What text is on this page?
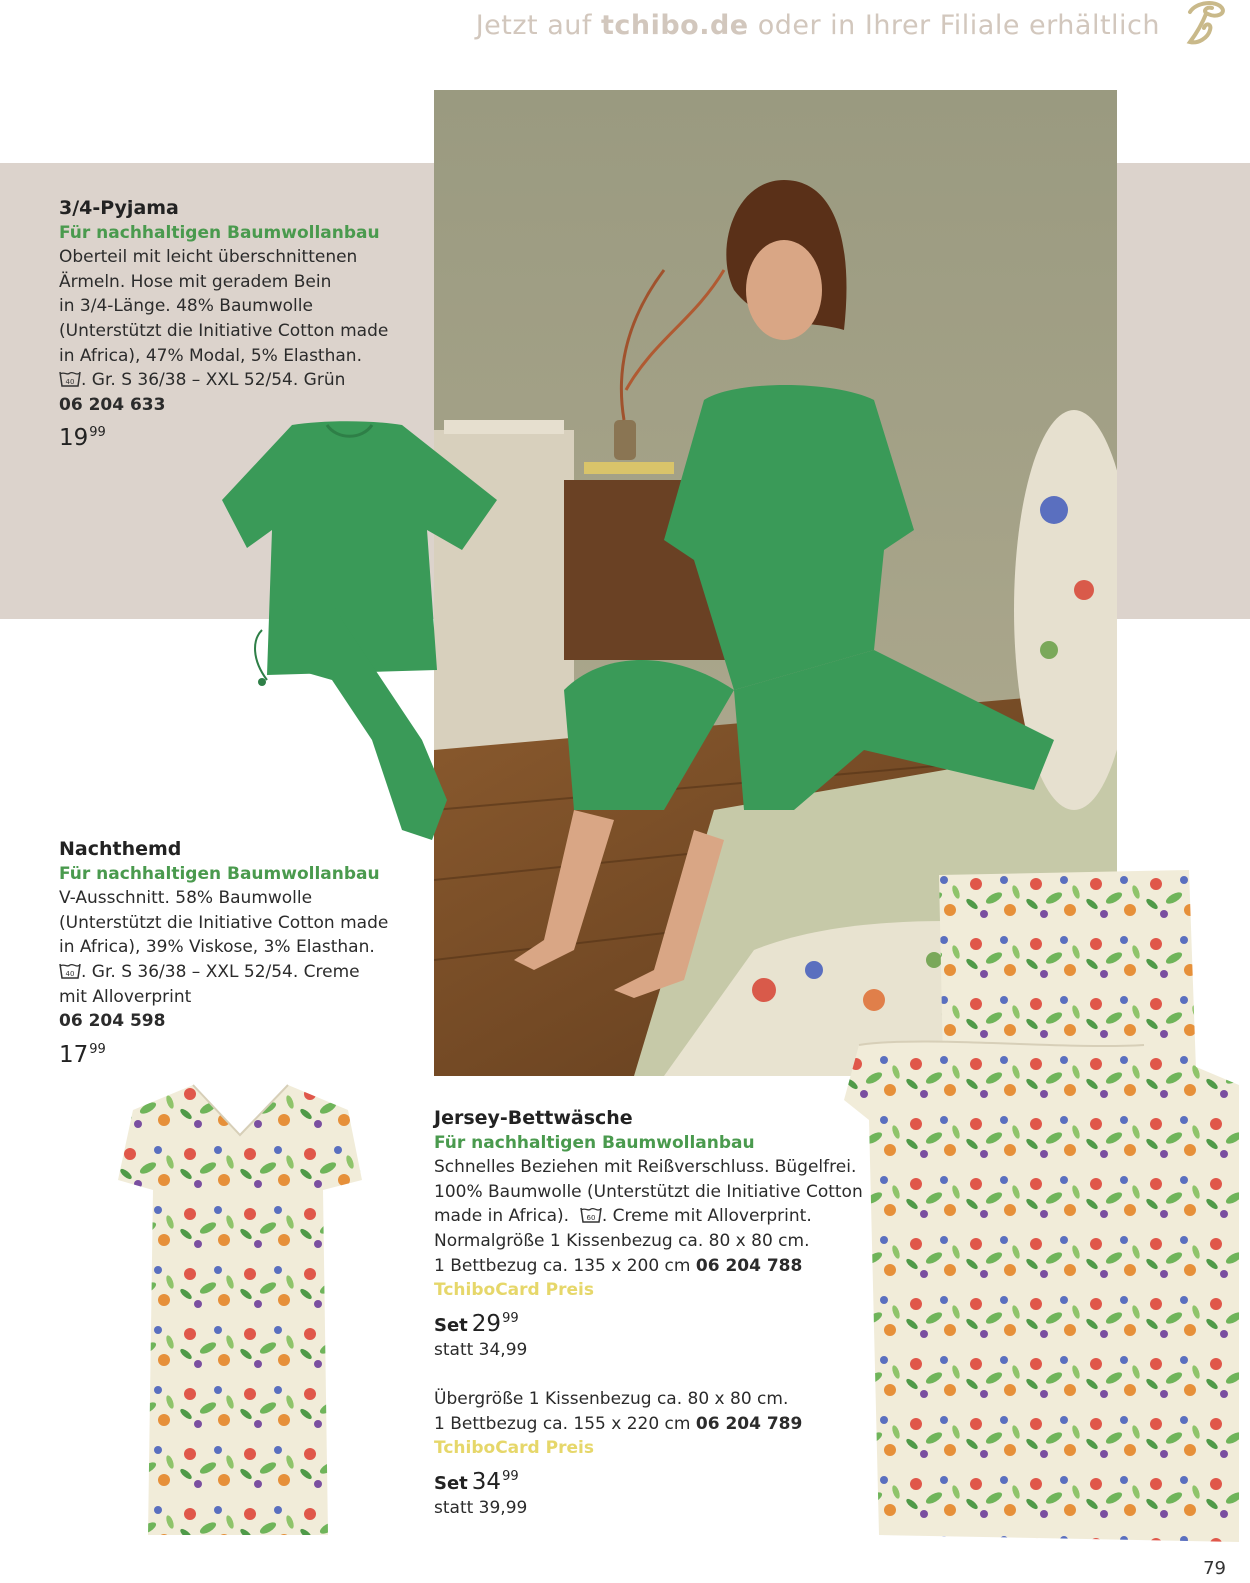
Jetzt auf tchibo.de oder in Ihrer Filiale erhältlich
3/4-Pyjama
Für nachhaltigen Baumwollanbau
Oberteil mit leicht überschnittenen
Ärmeln. Hose mit geradem Bein
in 3/4-Länge. 48% Baumwolle
(Unterstützt die Initiative Cotton made
in Africa), 47% Modal, 5% Elasthan.
40 . Gr. S 36/38 – XXL 52/54. Grün
06 204 633
$19^{99}$
Nachthemd
Für nachhaltigen Baumwollanbau
V-Ausschnitt. 58% Baumwolle
(Unterstützt die Initiative Cotton made
in Africa), 39% Viskose, 3% Elasthan.
40 . Gr. S 36/38 – XXL 52/54. Creme
mit Alloverprint
06 204 598
$17^{99}$
Jersey-Bettwäsche
Für nachhaltigen Baumwollanbau
Schnelles Beziehen mit Reißverschluss. Bügelfrei.
100% Baumwolle (Unterstützt die Initiative Cotton
made in Africa). 60 . Creme mit Alloverprint.
Normalgröße 1 Kissenbezug ca. 80 x 80 cm.
1 Bettbezug ca. 135 x 200 cm 06 204 788
TchiboCard Preis
Set $29^{99}$
statt 34,99
Übergröße 1 Kissenbezug ca. 80 x 80 cm.
1 Bettbezug ca. 155 x 220 cm 06 204 789
TchiboCard Preis
Set $34^{99}$
statt 39,99
79
